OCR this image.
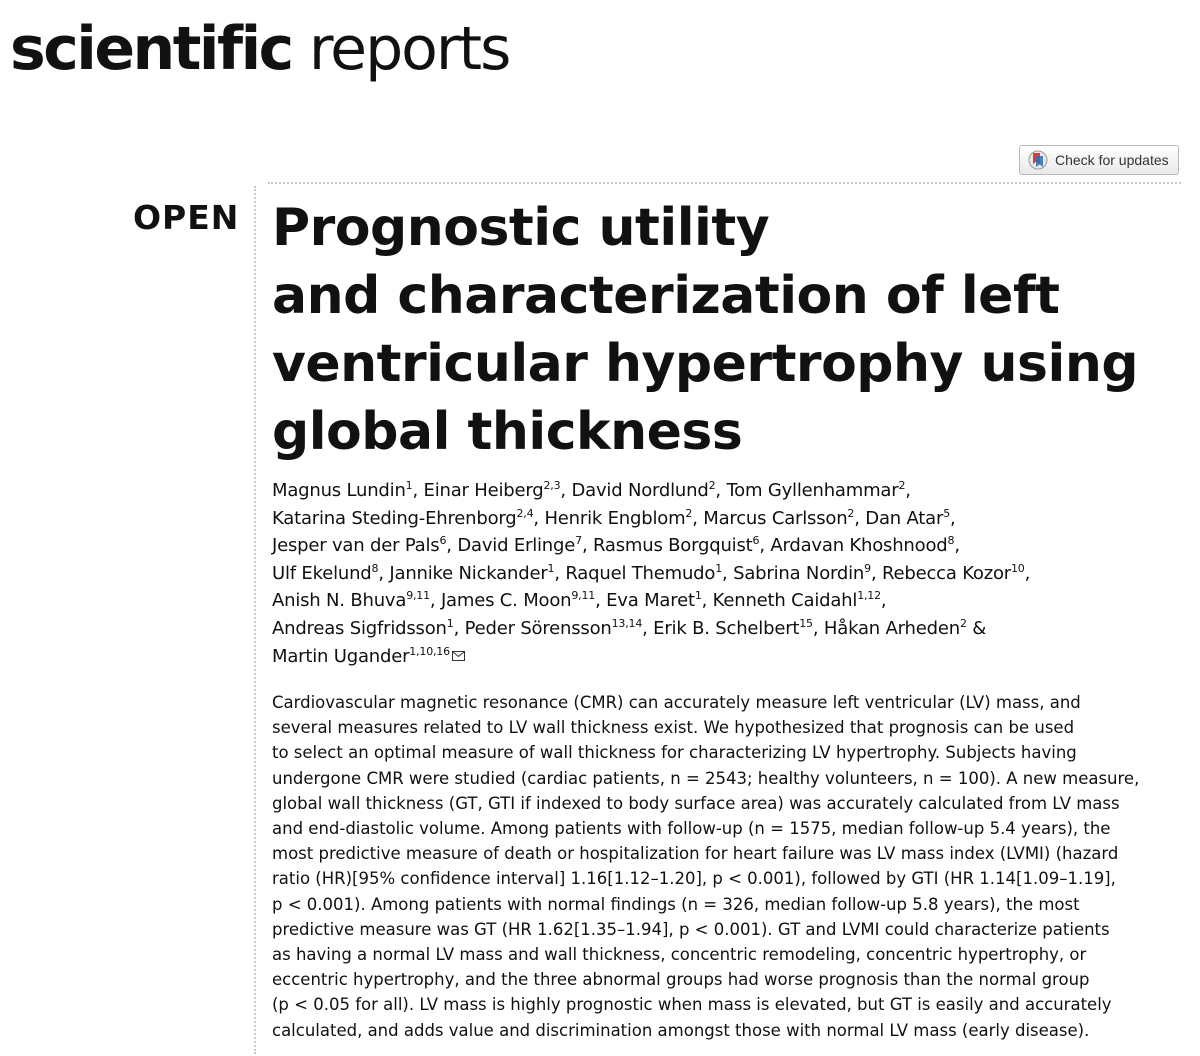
scientific reports
Check for updates
OPEN Prognostic utility
and characterization of left
ventricular hypertrophy using
global thickness
Magnus Lundin$^1$, Einar Heiberg$^{2,3}$, David Nordlund$^2$, Tom Gyllenhammar$^2$,
Katarina Steding-Ehrenborg$^{2,4}$, Henrik Engblom$^2$, Marcus Carlsson$^2$, Dan Atar$^5$,
Jesper van der Pals$^6$, David Erlinge$^7$, Rasmus Borgquist$^6$, Ardavan Khoshnood$^8$,
Ulf Ekelund$^8$, Jannike Nickander$^1$, Raquel Themudo$^1$, Sabrina Nordin$^9$, Rebecca Kozor$^{10}$,
Anish N. Bhuva$^{9,11}$, James C. Moon$^{9,11}$, Eva Maret$^1$, Kenneth Caidahl$^{1,12}$,
Andreas Sigfridsson$^1$, Peder Sörensson$^{13,14}$, Erik B. Schelbert$^{15}$, Håkan Arheden$^2$ &
Martin Ugander$^{1,10,16}$
Cardiovascular magnetic resonance (CMR) can accurately measure left ventricular (LV) mass, and
several measures related to LV wall thickness exist. We hypothesized that prognosis can be used
to select an optimal measure of wall thickness for characterizing LV hypertrophy. Subjects having
undergone CMR were studied (cardiac patients, n = 2543; healthy volunteers, n = 100). A new measure,
global wall thickness (GT, GTI if indexed to body surface area) was accurately calculated from LV mass
and end-diastolic volume. Among patients with follow-up (n = 1575, median follow-up 5.4 years), the
most predictive measure of death or hospitalization for heart failure was LV mass index (LVMI) (hazard
ratio (HR)[95% confidence interval] 1.16[1.12–1.20], p < 0.001), followed by GTI (HR 1.14[1.09–1.19],
p < 0.001). Among patients with normal findings (n = 326, median follow-up 5.8 years), the most
predictive measure was GT (HR 1.62[1.35–1.94], p < 0.001). GT and LVMI could characterize patients
as having a normal LV mass and wall thickness, concentric remodeling, concentric hypertrophy, or
eccentric hypertrophy, and the three abnormal groups had worse prognosis than the normal group
(p < 0.05 for all). LV mass is highly prognostic when mass is elevated, but GT is easily and accurately
calculated, and adds value and discrimination amongst those with normal LV mass (early disease).
